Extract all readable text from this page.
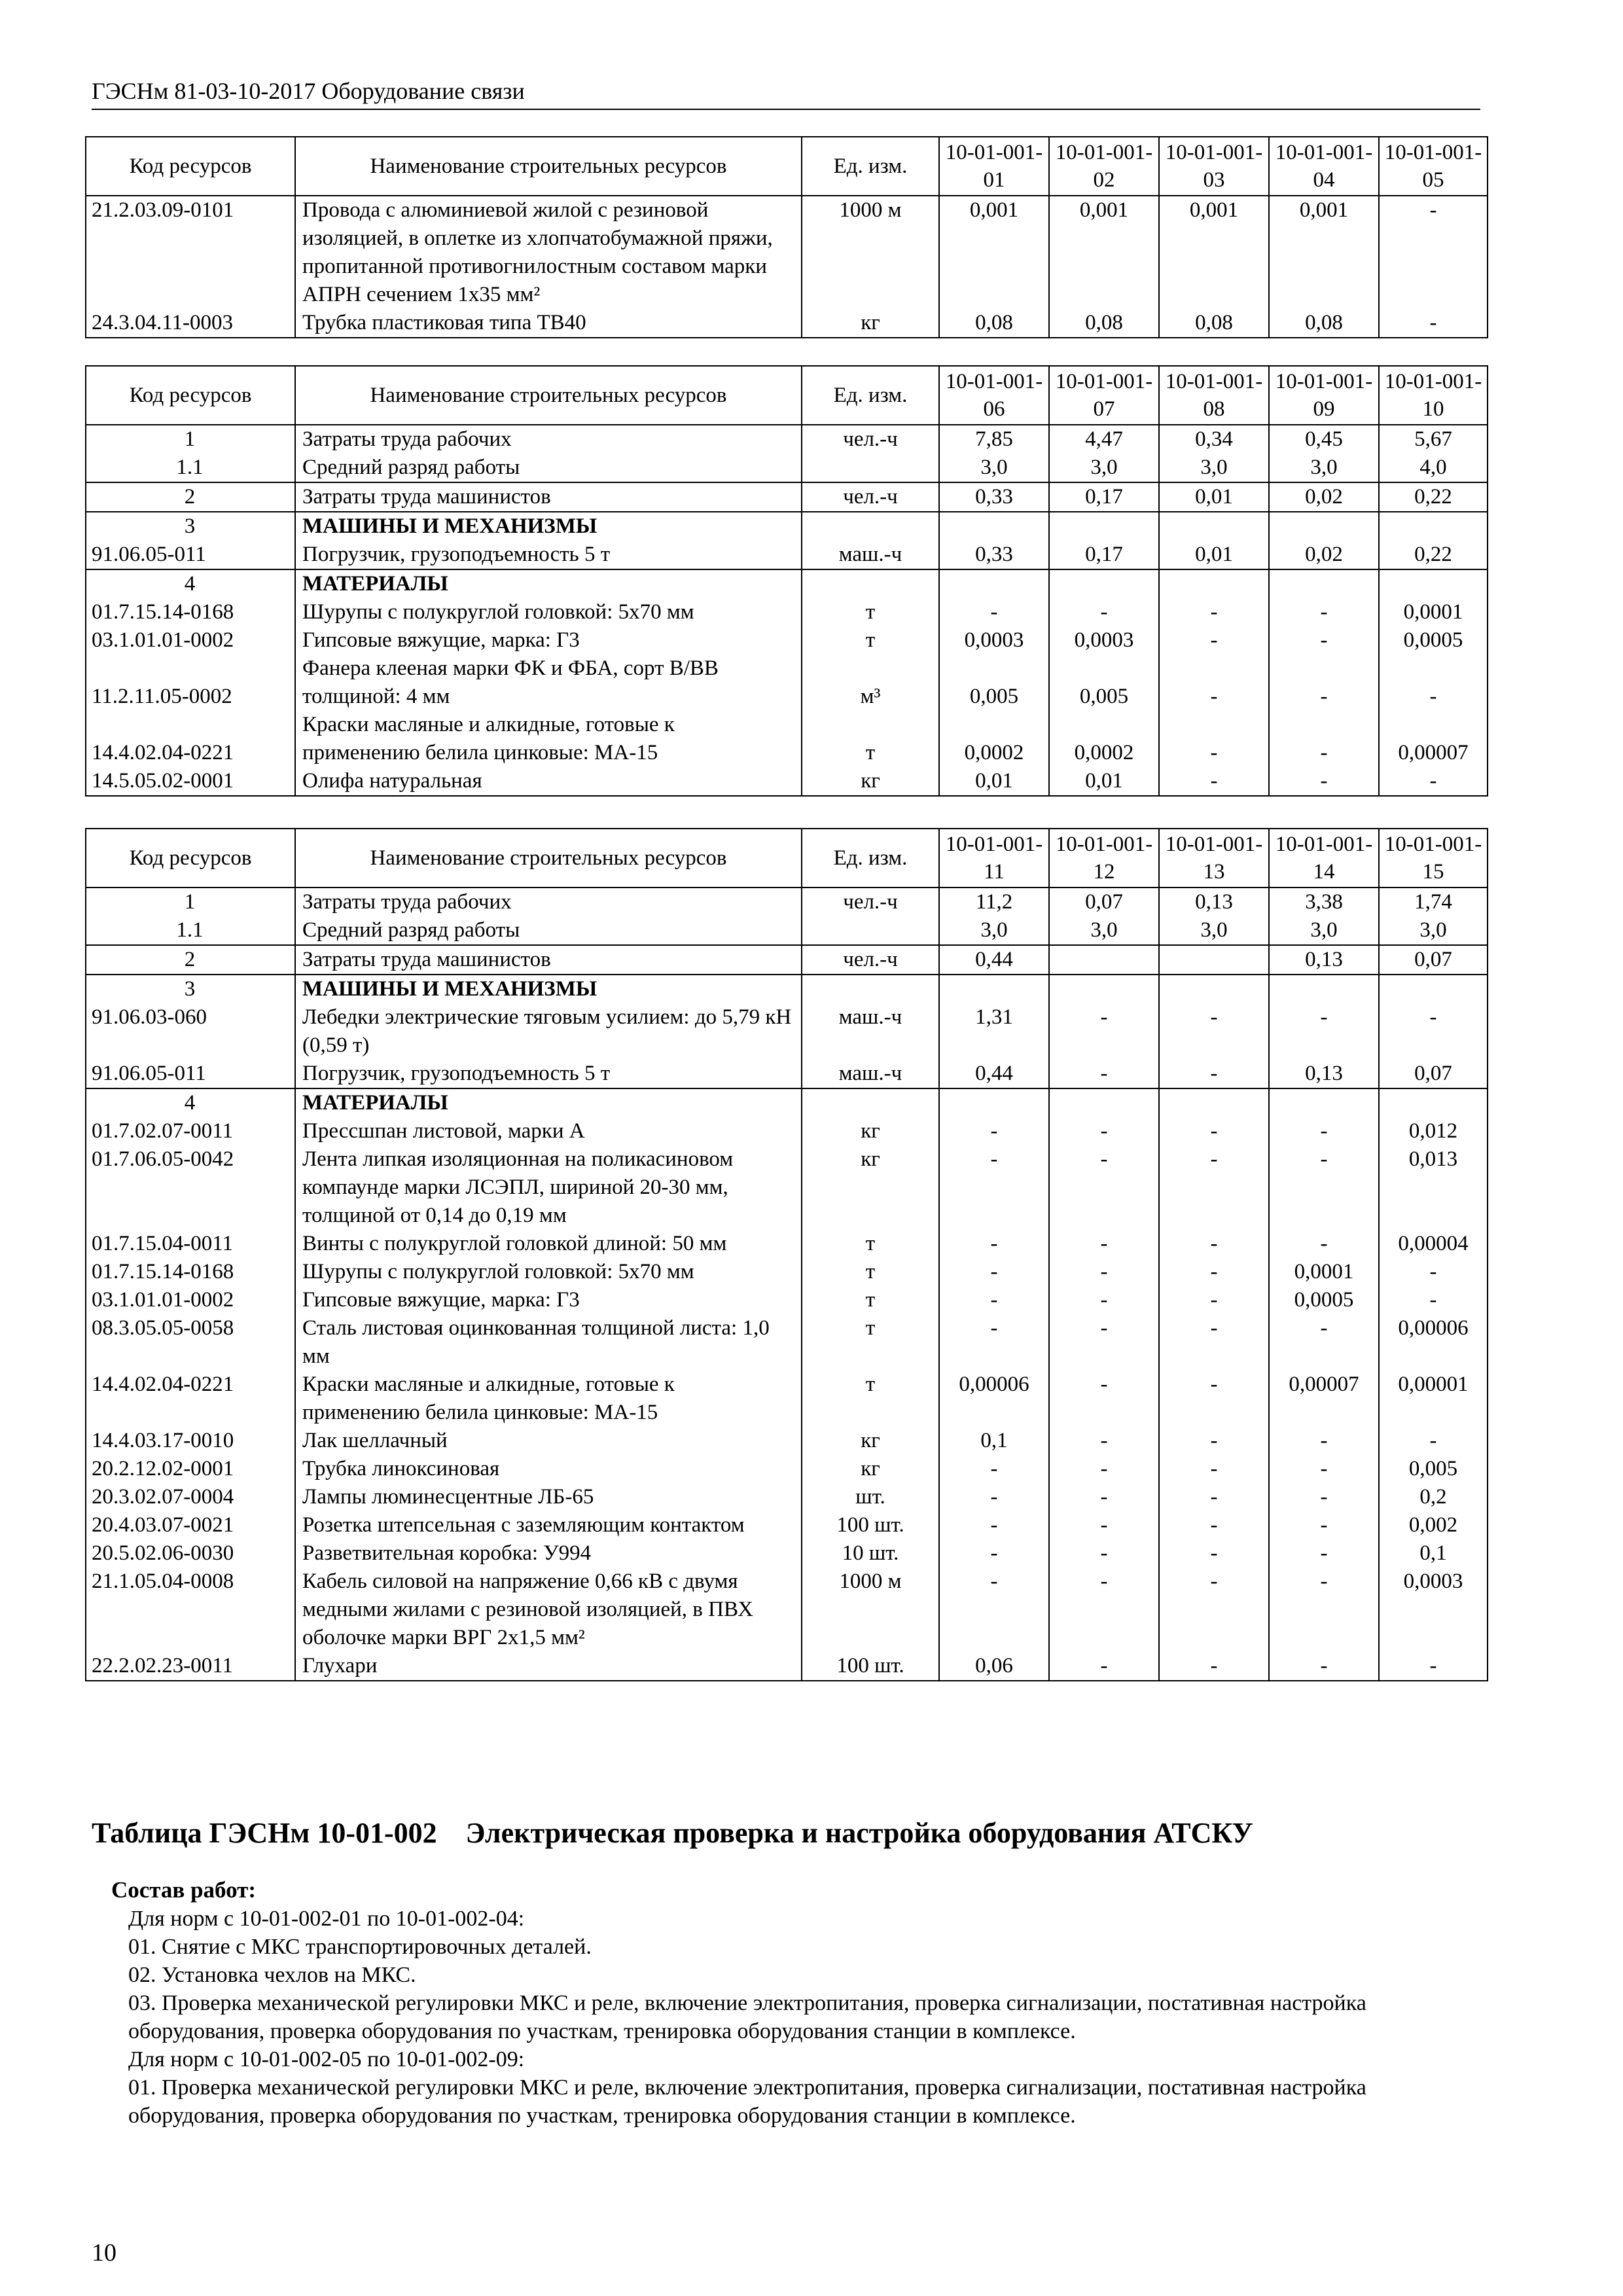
ГЭСНм 81-03-10-2017 Оборудование связи
Код ресурсов	Наименование строительных ресурсов	Ед. изм.	10-01-001-01	10-01-001-02	10-01-001-03	10-01-001-04	10-01-001-05
21.2.03.09-0101	Провода с алюминиевой жилой с резиновой изоляцией, в оплетке из хлопчатобумажной пряжи, пропитанной противогнилостным составом марки АПРН сечением 1х35 мм²	1000 м	0,001	0,001	0,001	0,001	-
24.3.04.11-0003	Трубка пластиковая типа ТВ40	кг	0,08	0,08	0,08	0,08	-
Код ресурсов	Наименование строительных ресурсов	Ед. изм.	10-01-001-06	10-01-001-07	10-01-001-08	10-01-001-09	10-01-001-10
1	Затраты труда рабочих	чел.-ч	7,85	4,47	0,34	0,45	5,67
1.1	Средний разряд работы		3,0	3,0	3,0	3,0	4,0
2	Затраты труда машинистов	чел.-ч	0,33	0,17	0,01	0,02	0,22
3	МАШИНЫ И МЕХАНИЗМЫ						
91.06.05-011	Погрузчик, грузоподъемность 5 т	маш.-ч	0,33	0,17	0,01	0,02	0,22
4	МАТЕРИАЛЫ						
01.7.15.14-0168	Шурупы с полукруглой головкой: 5х70 мм	т	-	-	-	-	0,0001
03.1.01.01-0002	Гипсовые вяжущие, марка: Г3	т	0,0003	0,0003	-	-	0,0005
11.2.11.05-0002	Фанера клееная марки ФК и ФБА, сорт В/ВВ толщиной: 4 мм	м³	0,005	0,005	-	-	-
14.4.02.04-0221	Краски масляные и алкидные, готовые к применению белила цинковые: МА-15	т	0,0002	0,0002	-	-	0,00007
14.5.05.02-0001	Олифа натуральная	кг	0,01	0,01	-	-	-
Код ресурсов	Наименование строительных ресурсов	Ед. изм.	10-01-001-11	10-01-001-12	10-01-001-13	10-01-001-14	10-01-001-15
1	Затраты труда рабочих	чел.-ч	11,2	0,07	0,13	3,38	1,74
1.1	Средний разряд работы		3,0	3,0	3,0	3,0	3,0
2	Затраты труда машинистов	чел.-ч	0,44			0,13	0,07
3	МАШИНЫ И МЕХАНИЗМЫ						
91.06.03-060	Лебедки электрические тяговым усилием: до 5,79 кН (0,59 т)	маш.-ч	1,31	-	-	-	-
91.06.05-011	Погрузчик, грузоподъемность 5 т	маш.-ч	0,44	-	-	0,13	0,07
4	МАТЕРИАЛЫ						
01.7.02.07-0011	Прессшпан листовой, марки А	кг	-	-	-	-	0,012
01.7.06.05-0042	Лента липкая изоляционная на поликасиновом компаунде марки ЛСЭПЛ, шириной 20-30 мм, толщиной от 0,14 до 0,19 мм	кг	-	-	-	-	0,013
01.7.15.04-0011	Винты с полукруглой головкой длиной: 50 мм	т	-	-	-	-	0,00004
01.7.15.14-0168	Шурупы с полукруглой головкой: 5х70 мм	т	-	-	-	0,0001	-
03.1.01.01-0002	Гипсовые вяжущие, марка: Г3	т	-	-	-	0,0005	-
08.3.05.05-0058	Сталь листовая оцинкованная толщиной листа: 1,0 мм	т	-	-	-	-	0,00006
14.4.02.04-0221	Краски масляные и алкидные, готовые к применению белила цинковые: МА-15	т	0,00006	-	-	0,00007	0,00001
14.4.03.17-0010	Лак шеллачный	кг	0,1	-	-	-	-
20.2.12.02-0001	Трубка линоксиновая	кг	-	-	-	-	0,005
20.3.02.07-0004	Лампы люминесцентные ЛБ-65	шт.	-	-	-	-	0,2
20.4.03.07-0021	Розетка штепсельная с заземляющим контактом	100 шт.	-	-	-	-	0,002
20.5.02.06-0030	Разветвительная коробка: У994	10 шт.	-	-	-	-	0,1
21.1.05.04-0008	Кабель силовой на напряжение 0,66 кВ с двумя медными жилами с резиновой изоляцией, в ПВХ оболочке марки ВРГ 2х1,5 мм²	1000 м	-	-	-	-	0,0003
22.2.02.23-0011	Глухари	100 шт.	0,06	-	-	-	-
Таблица ГЭСНм 10-01-002    Электрическая проверка и настройка оборудования АТСКУ
Состав работ:
Для норм с 10-01-002-01 по 10-01-002-04:
01. Снятие с МКС транспортировочных деталей.
02. Установка чехлов на МКС.
03. Проверка механической регулировки МКС и реле, включение электропитания, проверка сигнализации, постативная настройка оборудования, проверка оборудования по участкам, тренировка оборудования станции в комплексе.
Для норм с 10-01-002-05 по 10-01-002-09:
01. Проверка механической регулировки МКС и реле, включение электропитания, проверка сигнализации, постативная настройка оборудования, проверка оборудования по участкам, тренировка оборудования станции в комплексе.
10
